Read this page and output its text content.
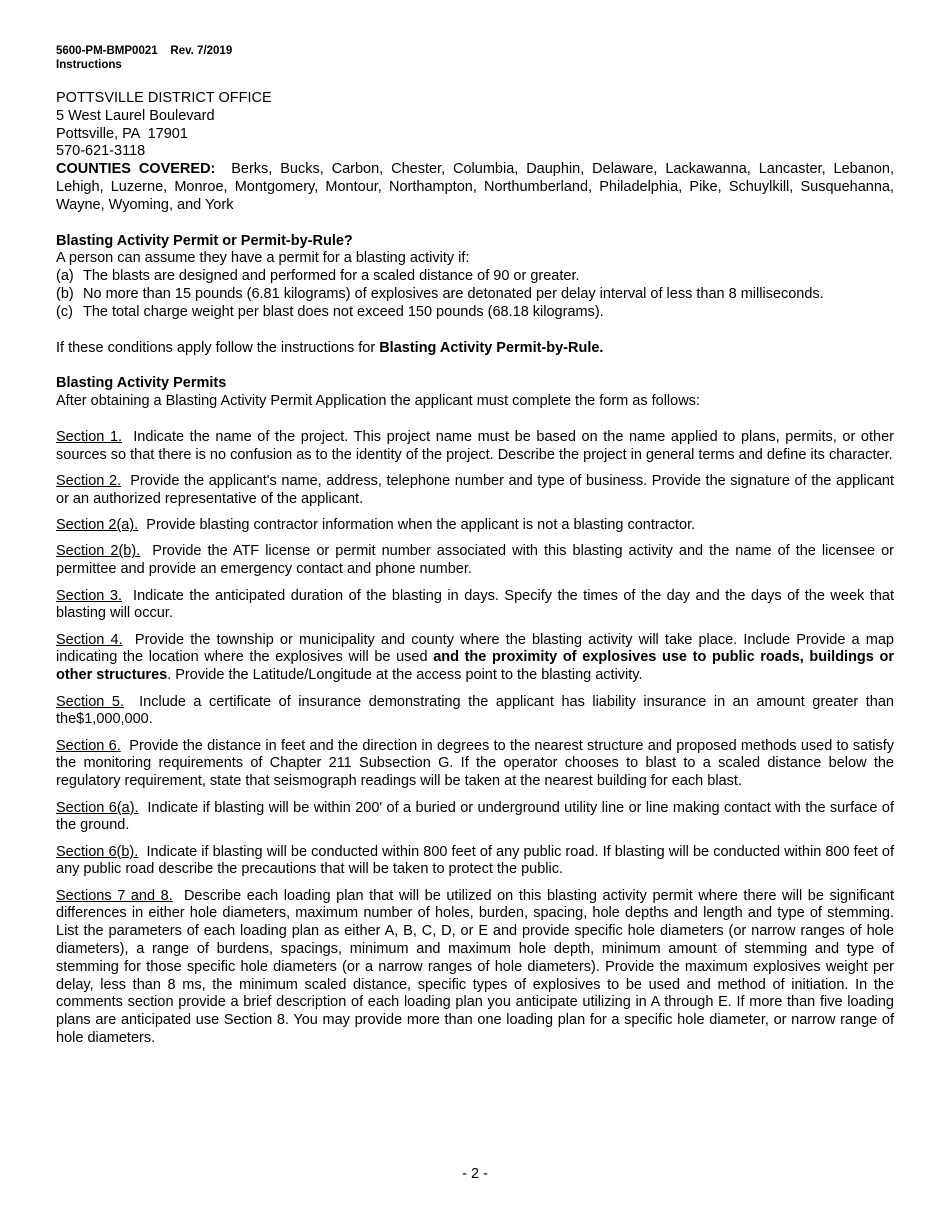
5600-PM-BMP0021 Rev. 7/2019
Instructions
POTTSVILLE DISTRICT OFFICE
5 West Laurel Boulevard
Pottsville, PA  17901
570-621-3118
COUNTIES COVERED: Berks, Bucks, Carbon, Chester, Columbia, Dauphin, Delaware, Lackawanna, Lancaster, Lebanon, Lehigh, Luzerne, Monroe, Montgomery, Montour, Northampton, Northumberland, Philadelphia, Pike, Schuylkill, Susquehanna, Wayne, Wyoming, and York
Blasting Activity Permit or Permit-by-Rule?

A person can assume they have a permit for a blasting activity if:

(a) The blasts are designed and performed for a scaled distance of 90 or greater.
(b) No more than 15 pounds (6.81 kilograms) of explosives are detonated per delay interval of less than 8 milliseconds.
(c) The total charge weight per blast does not exceed 150 pounds (68.18 kilograms).

If these conditions apply follow the instructions for Blasting Activity Permit-by-Rule.

Blasting Activity Permits

After obtaining a Blasting Activity Permit Application the applicant must complete the form as follows:

Section 1. Indicate the name of the project. This project name must be based on the name applied to plans, permits, or other sources so that there is no confusion as to the identity of the project. Describe the project in general terms and define its character.

Section 2. Provide the applicant's name, address, telephone number and type of business. Provide the signature of the applicant or an authorized representative of the applicant.

Section 2(a). Provide blasting contractor information when the applicant is not a blasting contractor.

Section 2(b). Provide the ATF license or permit number associated with this blasting activity and the name of the licensee or permittee and provide an emergency contact and phone number.

Section 3. Indicate the anticipated duration of the blasting in days. Specify the times of the day and the days of the week that blasting will occur.

Section 4. Provide the township or municipality and county where the blasting activity will take place. Include Provide a map indicating the location where the explosives will be used and the proximity of explosives use to public roads, buildings or other structures. Provide the Latitude/Longitude at the access point to the blasting activity.

Section 5. Include a certificate of insurance demonstrating the applicant has liability insurance in an amount greater than the$1,000,000.

Section 6. Provide the distance in feet and the direction in degrees to the nearest structure and proposed methods used to satisfy the monitoring requirements of Chapter 211 Subsection G. If the operator chooses to blast to a scaled distance below the regulatory requirement, state that seismograph readings will be taken at the nearest building for each blast.

Section 6(a). Indicate if blasting will be within 200' of a buried or underground utility line or line making contact with the surface of the ground.

Section 6(b). Indicate if blasting will be conducted within 800 feet of any public road. If blasting will be conducted within 800 feet of any public road describe the precautions that will be taken to protect the public.

Sections 7 and 8. Describe each loading plan that will be utilized on this blasting activity permit where there will be significant differences in either hole diameters, maximum number of holes, burden, spacing, hole depths and length and type of stemming. List the parameters of each loading plan as either A, B, C, D, or E and provide specific hole diameters (or narrow ranges of hole diameters), a range of burdens, spacings, minimum and maximum hole depth, minimum amount of stemming and type of stemming for those specific hole diameters (or a narrow ranges of hole diameters). Provide the maximum explosives weight per delay, less than 8 ms, the minimum scaled distance, specific types of explosives to be used and method of initiation. In the comments section provide a brief description of each loading plan you anticipate utilizing in A through E. If more than five loading plans are anticipated use Section 8. You may provide more than one loading plan for a specific hole diameter, or narrow range of hole diameters.

- 2 -
